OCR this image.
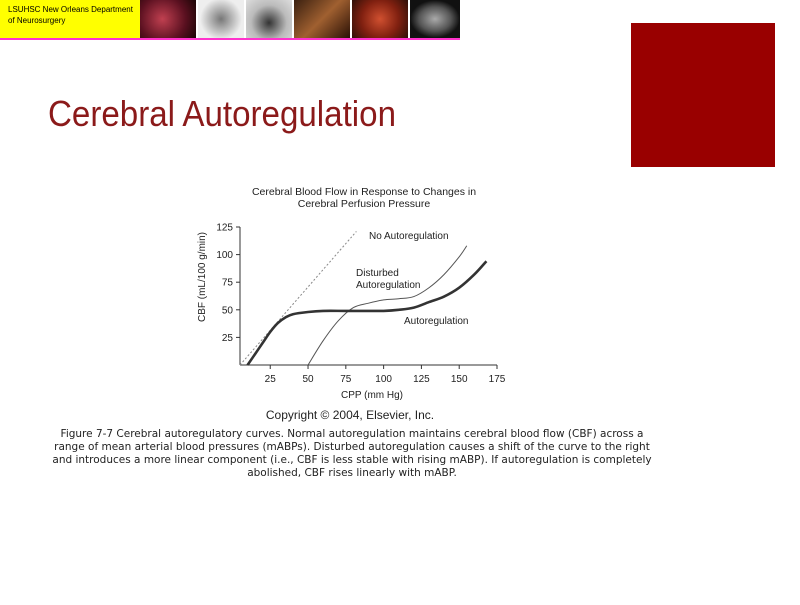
LSUHSC New Orleans Department
of Neurosurgery
Cerebral Autoregulation
Cerebral Blood Flow in Response to Changes in
Cerebral Perfusion Pressure
25	50	75 100 125 150 175
25
50
75
100
125
No Autoregulation
Disturbed
Autoregulation
Autoregulation
CPP (mm Hg)
CBF (mL/100 g/min)
Copyright © 2004, Elsevier, Inc.
Figure 7-7 Cerebral autoregulatory curves. Normal autoregulation maintains cerebral blood flow (CBF) across a range of mean arterial blood pressures (mABPs). Disturbed autoregulation causes a shift of the curve to the right and introduces a more linear component (i.e., CBF is less stable with rising mABP). If autoregulation is completely abolished, CBF rises linearly with mABP.
